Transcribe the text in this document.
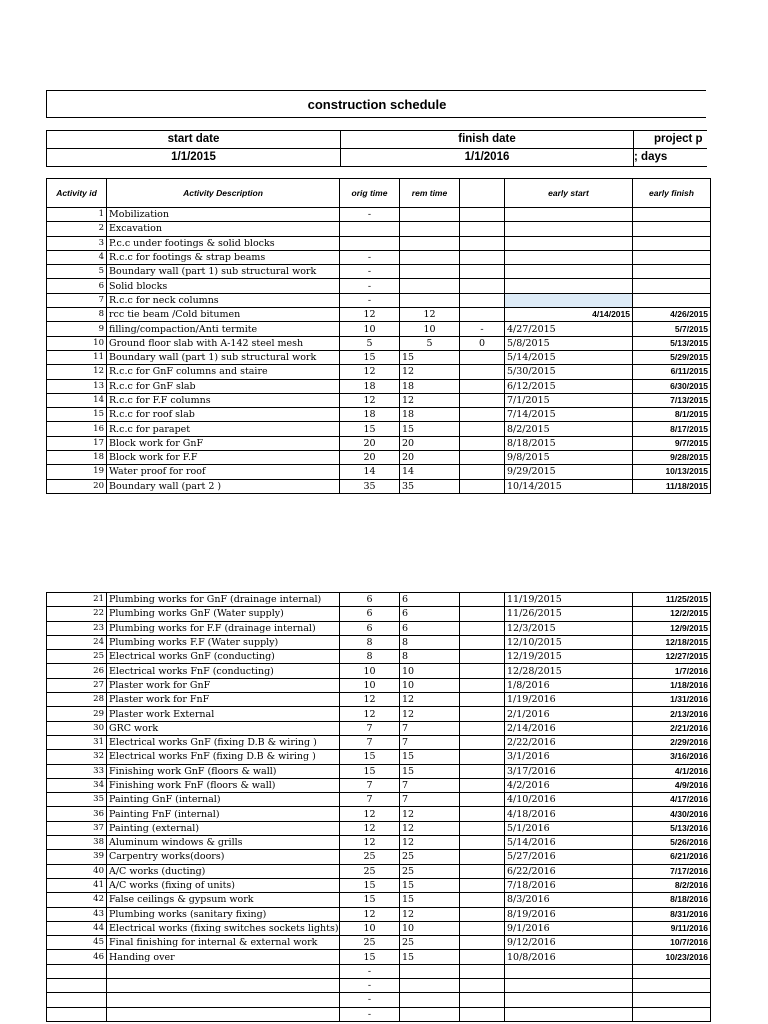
construction schedule
start date	finish date	project p
1/1/2015	1/1/2016	; days
Activity id	Activity Description	orig time	rem time		early start	early finish
1	Mobilization	-				
2	Excavation					
3	P.c.c under footings & solid blocks					
4	R.c.c for footings & strap beams	-				
5	Boundary wall (part 1) sub structural work	-				
6	Solid blocks	-				
7	R.c.c for neck columns	-				
8	rcc tie beam /Cold bitumen	12	12		4/14/2015	4/26/2015
9	filling/compaction/Anti termite	10	10	-	4/27/2015	5/7/2015
10	Ground floor slab with A-142 steel mesh	5	5	0	5/8/2015	5/13/2015
11	Boundary wall (part 1) sub structural work	15	15		5/14/2015	5/29/2015
12	R.c.c for GnF columns and staire	12	12		5/30/2015	6/11/2015
13	R.c.c for GnF slab	18	18		6/12/2015	6/30/2015
14	R.c.c for F.F columns	12	12		7/1/2015	7/13/2015
15	R.c.c for roof slab	18	18		7/14/2015	8/1/2015
16	R.c.c for parapet	15	15		8/2/2015	8/17/2015
17	Block work for GnF	20	20		8/18/2015	9/7/2015
18	Block work for F.F	20	20		9/8/2015	9/28/2015
19	Water proof for roof	14	14		9/29/2015	10/13/2015
20	Boundary wall (part 2 )	35	35		10/14/2015	11/18/2015
21	Plumbing works for GnF (drainage internal)	6	6		11/19/2015	11/25/2015
22	Plumbing works GnF (Water supply)	6	6		11/26/2015	12/2/2015
23	Plumbing works for F.F (drainage internal)	6	6		12/3/2015	12/9/2015
24	Plumbing works F.F (Water supply)	8	8		12/10/2015	12/18/2015
25	Electrical works GnF (conducting)	8	8		12/19/2015	12/27/2015
26	Electrical works FnF (conducting)	10	10		12/28/2015	1/7/2016
27	Plaster work for GnF	10	10		1/8/2016	1/18/2016
28	Plaster work for FnF	12	12		1/19/2016	1/31/2016
29	Plaster work External	12	12		2/1/2016	2/13/2016
30	GRC work	7	7		2/14/2016	2/21/2016
31	Electrical works GnF (fixing D.B & wiring )	7	7		2/22/2016	2/29/2016
32	Electrical works FnF (fixing D.B & wiring )	15	15		3/1/2016	3/16/2016
33	Finishing work GnF (floors & wall)	15	15		3/17/2016	4/1/2016
34	Finishing work FnF (floors & wall)	7	7		4/2/2016	4/9/2016
35	Painting GnF (internal)	7	7		4/10/2016	4/17/2016
36	Painting FnF (internal)	12	12		4/18/2016	4/30/2016
37	Painting (external)	12	12		5/1/2016	5/13/2016
38	Aluminum windows & grills	12	12		5/14/2016	5/26/2016
39	Carpentry works(doors)	25	25		5/27/2016	6/21/2016
40	A/C works (ducting)	25	25		6/22/2016	7/17/2016
41	A/C works (fixing of units)	15	15		7/18/2016	8/2/2016
42	False ceilings & gypsum work	15	15		8/3/2016	8/18/2016
43	Plumbing works (sanitary fixing)	12	12		8/19/2016	8/31/2016
44	Electrical works (fixing switches sockets lights)	10	10		9/1/2016	9/11/2016
45	Final finishing for internal & external work	25	25		9/12/2016	10/7/2016
46	Handing over	15	15		10/8/2016	10/23/2016
		-				
		-				
		-				
		-				
